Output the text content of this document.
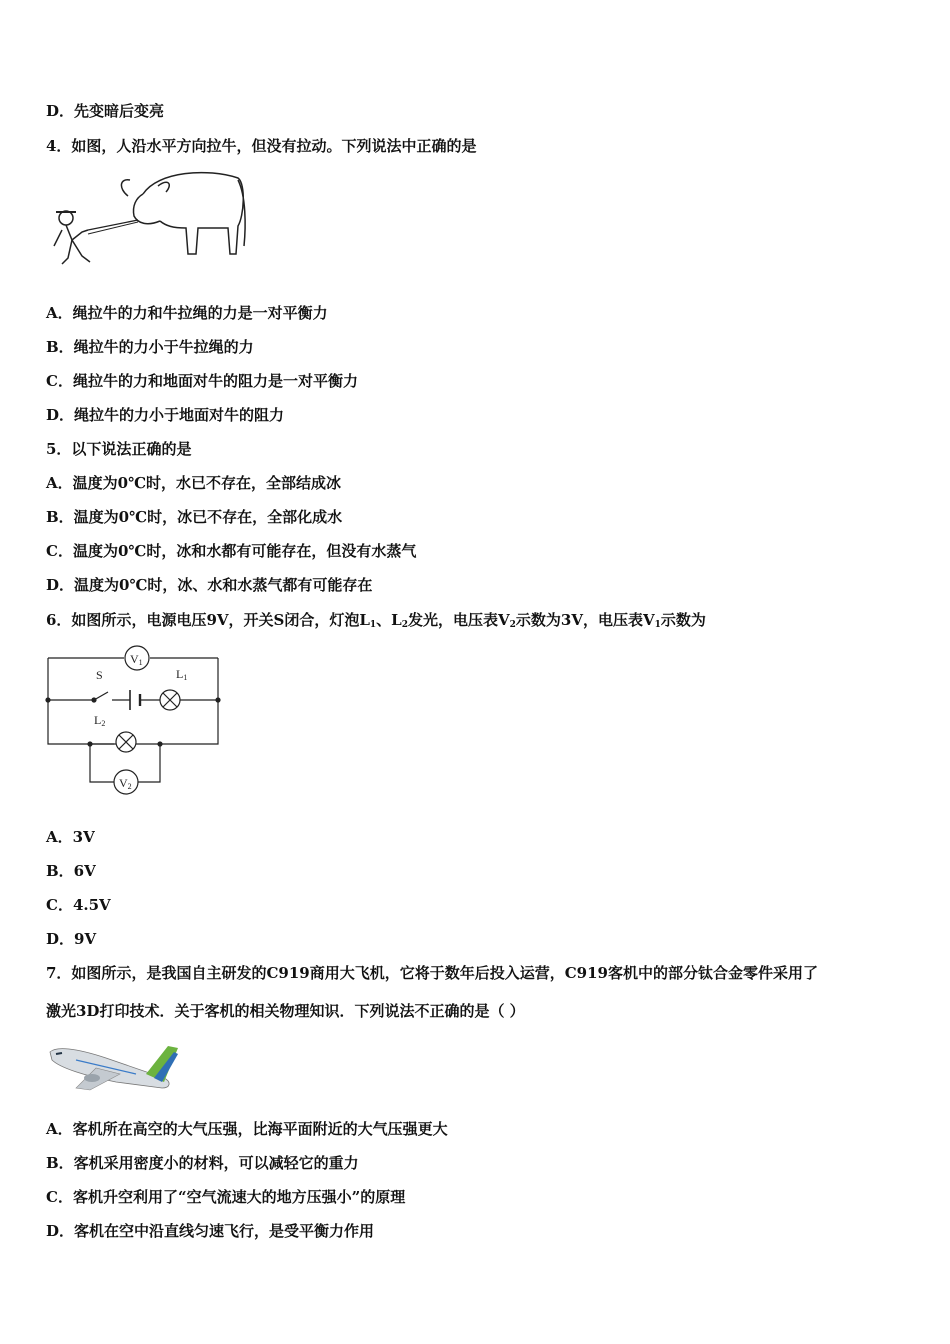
D．先变暗后变亮
4．如图，人沿水平方向拉牛，但没有拉动。下列说法中正确的是
A．绳拉牛的力和牛拉绳的力是一对平衡力
B．绳拉牛的力小于牛拉绳的力
C．绳拉牛的力和地面对牛的阻力是一对平衡力
D．绳拉牛的力小于地面对牛的阻力
5．以下说法正确的是
A．温度为0℃时，水已不存在，全部结成冰
B．温度为0℃时，冰已不存在，全部化成水
C．温度为0℃时，冰和水都有可能存在，但没有水蒸气
D．温度为0℃时，冰、水和水蒸气都有可能存在
6．如图所示，电源电压9V，开关S闭合，灯泡$L_1$、$L_2$发光，电压表$V_2$示数为3V，电压表$V_1$示数为
V1
S	L1
L2
V2
A．3V
B．6V
C．4.5V
D．9V
7．如图所示，是我国自主研发的C919商用大飞机，它将于数年后投入运营，C919客机中的部分钛合金零件采用了
激光3D打印技术．关于客机的相关物理知识．下列说法不正确的是（ ）
A．客机所在高空的大气压强，比海平面附近的大气压强更大
B．客机采用密度小的材料，可以减轻它的重力
C．客机升空利用了“空气流速大的地方压强小”的原理
D．客机在空中沿直线匀速飞行，是受平衡力作用
